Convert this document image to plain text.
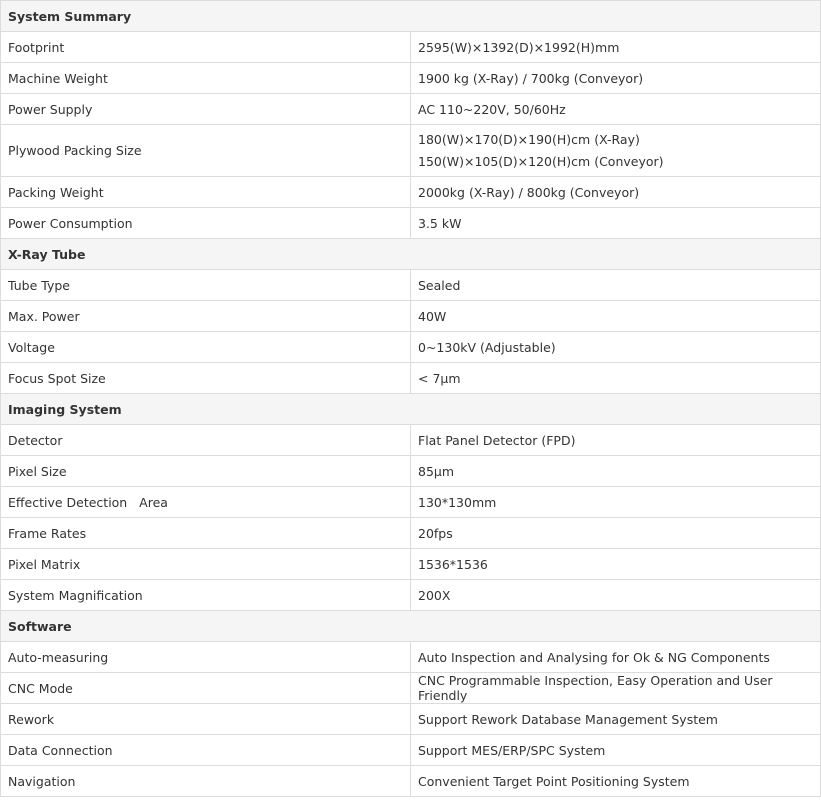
System Summary	
Footprint	2595(W)×1392(D)×1992(H)mm

Machine Weight	1900 kg (X-Ray) / 700kg (Conveyor)

Power Supply	AC 110~220V, 50/60Hz

Plywood Packing Size	180(W)×170(D)×190(H)cm (X-Ray)
150(W)×105(D)×120(H)cm (Conveyor)

Packing Weight	2000kg (X-Ray) / 800kg (Conveyor)

Power Consumption	3.5 kW

X-Ray Tube	
Tube Type	Sealed

Max. Power	40W

Voltage	0~130kV (Adjustable)

Focus Spot Size	< 7μm

Imaging System	
Detector	Flat Panel Detector (FPD)

Pixel Size	85μm

Effective Detection   Area	130*130mm

Frame Rates	20fps

Pixel Matrix	1536*1536

System Magnification	200X

Software	
Auto-measuring	Auto Inspection and Analysing for Ok & NG Components

CNC Mode	CNC Programmable Inspection, Easy Operation and User Friendly

Rework	Support Rework Database Management System

Data Connection	Support MES/ERP/SPC System

Navigation	Convenient Target Point Positioning System
